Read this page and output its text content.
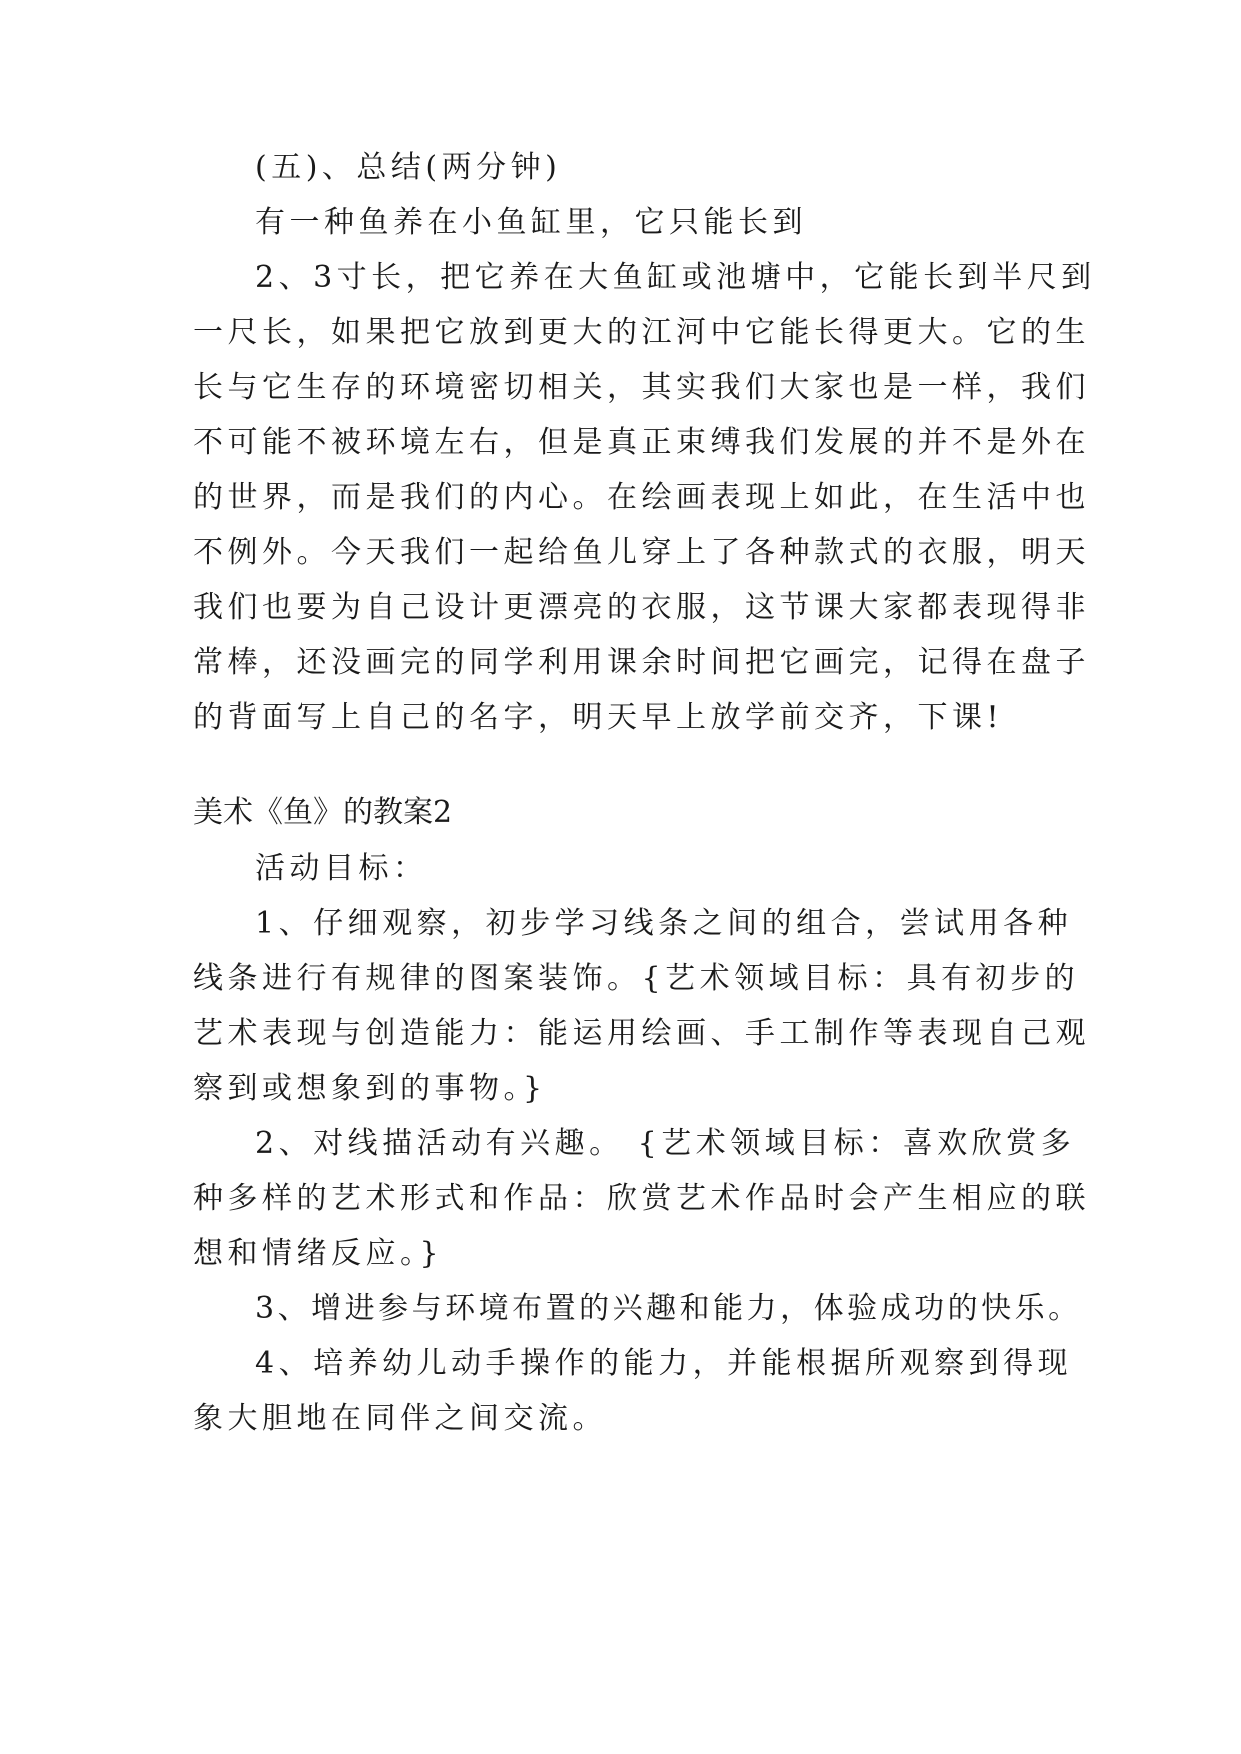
(五)、总结(两分钟)
有一种鱼养在小鱼缸里，它只能长到
2、3寸长，把它养在大鱼缸或池塘中，它能长到半尺到
一尺长，如果把它放到更大的江河中它能长得更大。它的生
长与它生存的环境密切相关，其实我们大家也是一样，我们
不可能不被环境左右，但是真正束缚我们发展的并不是外在
的世界，而是我们的内心。在绘画表现上如此，在生活中也
不例外。今天我们一起给鱼儿穿上了各种款式的衣服，明天
我们也要为自己设计更漂亮的衣服，这节课大家都表现得非
常棒，还没画完的同学利用课余时间把它画完，记得在盘子
的背面写上自己的名字，明天早上放学前交齐，下课!
美术《鱼》的教案2
活动目标：
1、仔细观察，初步学习线条之间的组合，尝试用各种
线条进行有规律的图案装饰。{艺术领域目标：具有初步的
艺术表现与创造能力：能运用绘画、手工制作等表现自己观
察到或想象到的事物。}
2、对线描活动有兴趣。 {艺术领域目标：喜欢欣赏多
种多样的艺术形式和作品：欣赏艺术作品时会产生相应的联
想和情绪反应。}
3、增进参与环境布置的兴趣和能力，体验成功的快乐。
4、培养幼儿动手操作的能力，并能根据所观察到得现
象大胆地在同伴之间交流。
